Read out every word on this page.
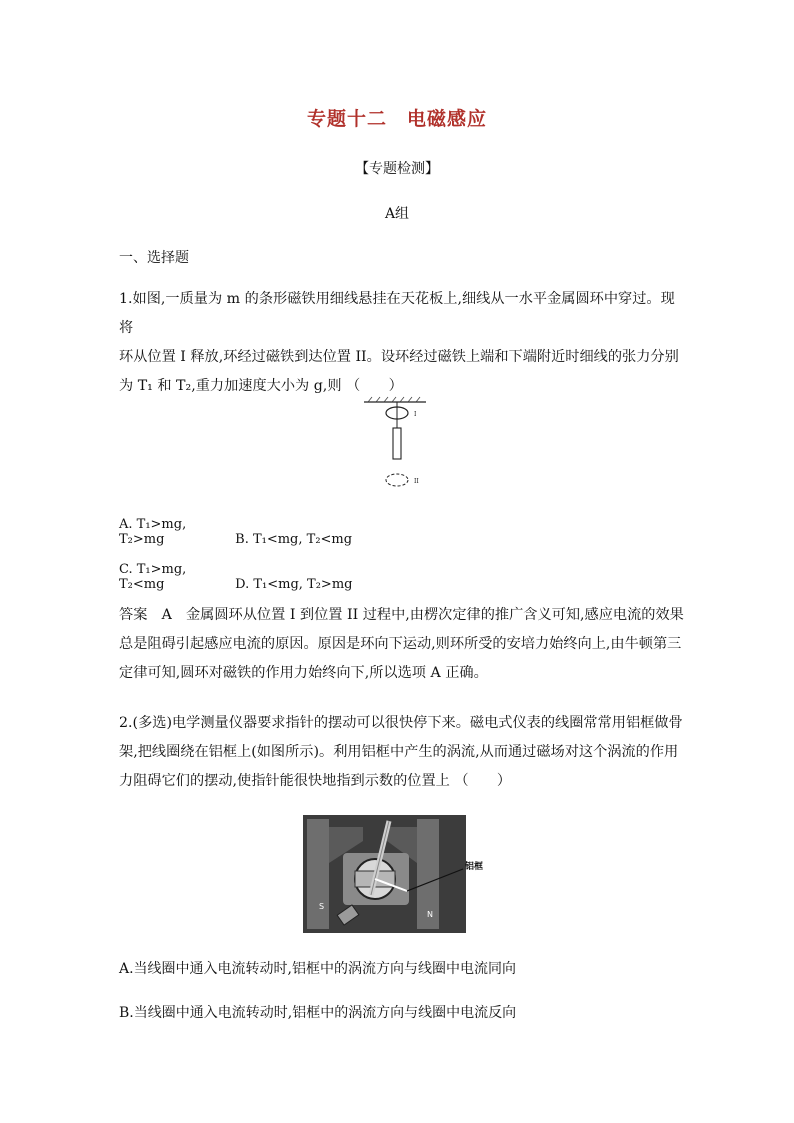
专题十二　电磁感应
【专题检测】
A组
一、选择题
1.如图,一质量为 m 的条形磁铁用细线悬挂在天花板上,细线从一水平金属圆环中穿过。现将
环从位置 I 释放,环经过磁铁到达位置 II。设环经过磁铁上端和下端附近时细线的张力分别
为 T₁ 和 T₂,重力加速度大小为 g,则 （　　）
I
II
A. T₁>mg, T₂>mg	B. T₁<mg, T₂<mg
C. T₁>mg, T₂<mg	D. T₁<mg, T₂>mg
答案　A　金属圆环从位置 I 到位置 II 过程中,由楞次定律的推广含义可知,感应电流的效果
总是阻碍引起感应电流的原因。原因是环向下运动,则环所受的安培力始终向上,由牛顿第三
定律可知,圆环对磁铁的作用力始终向下,所以选项 A 正确。
2.(多选)电学测量仪器要求指针的摆动可以很快停下来。磁电式仪表的线圈常常用铝框做骨
架,把线圈绕在铝框上(如图所示)。利用铝框中产生的涡流,从而通过磁场对这个涡流的作用
力阻碍它们的摆动,使指针能很快地指到示数的位置上 （　　）
铝框
S
N
A.当线圈中通入电流转动时,铝框中的涡流方向与线圈中电流同向
B.当线圈中通入电流转动时,铝框中的涡流方向与线圈中电流反向
